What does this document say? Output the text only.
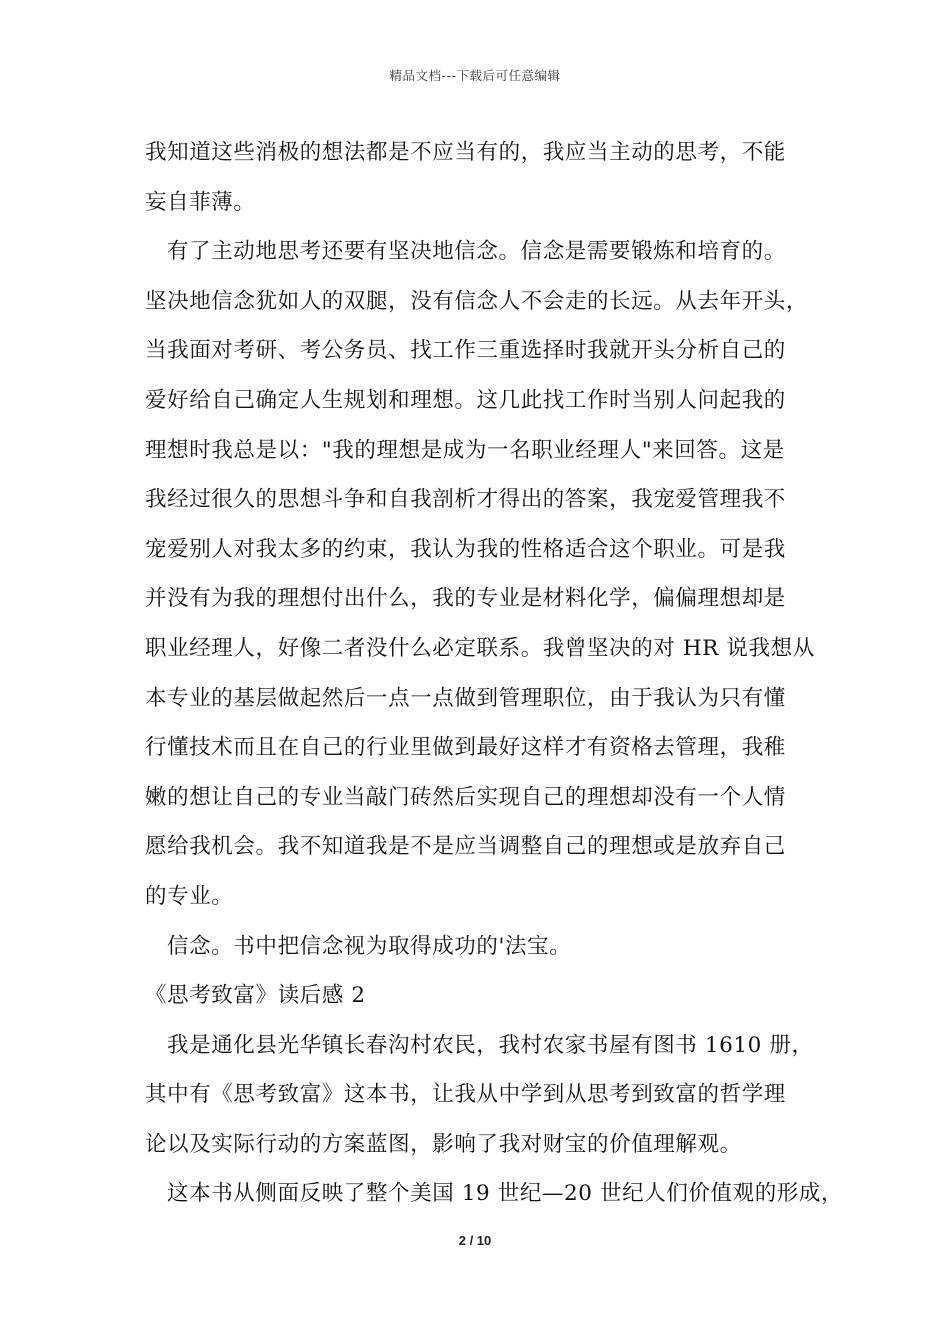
精品文档---下载后可任意编辑
我知道这些消极的想法都是不应当有的，我应当主动的思考，不能
妄自菲薄。
有了主动地思考还要有坚决地信念。信念是需要锻炼和培育的。
坚决地信念犹如人的双腿，没有信念人不会走的长远。从去年开头，
当我面对考研、考公务员、找工作三重选择时我就开头分析自己的
爱好给自己确定人生规划和理想。这几此找工作时当别人问起我的
理想时我总是以："我的理想是成为一名职业经理人"来回答。这是
我经过很久的思想斗争和自我剖析才得出的答案，我宠爱管理我不
宠爱别人对我太多的约束，我认为我的性格适合这个职业。可是我
并没有为我的理想付出什么，我的专业是材料化学，偏偏理想却是
职业经理人，好像二者没什么必定联系。我曾坚决的对 HR 说我想从
本专业的基层做起然后一点一点做到管理职位，由于我认为只有懂
行懂技术而且在自己的行业里做到最好这样才有资格去管理，我稚
嫩的想让自己的专业当敲门砖然后实现自己的理想却没有一个人情
愿给我机会。我不知道我是不是应当调整自己的理想或是放弃自己
的专业。
信念。书中把信念视为取得成功的'法宝。
《思考致富》读后感 2
我是通化县光华镇长春沟村农民，我村农家书屋有图书 1610 册，
其中有《思考致富》这本书，让我从中学到从思考到致富的哲学理
论以及实际行动的方案蓝图，影响了我对财宝的价值理解观。
这本书从侧面反映了整个美国 19 世纪—20 世纪人们价值观的形成，
2 / 10
